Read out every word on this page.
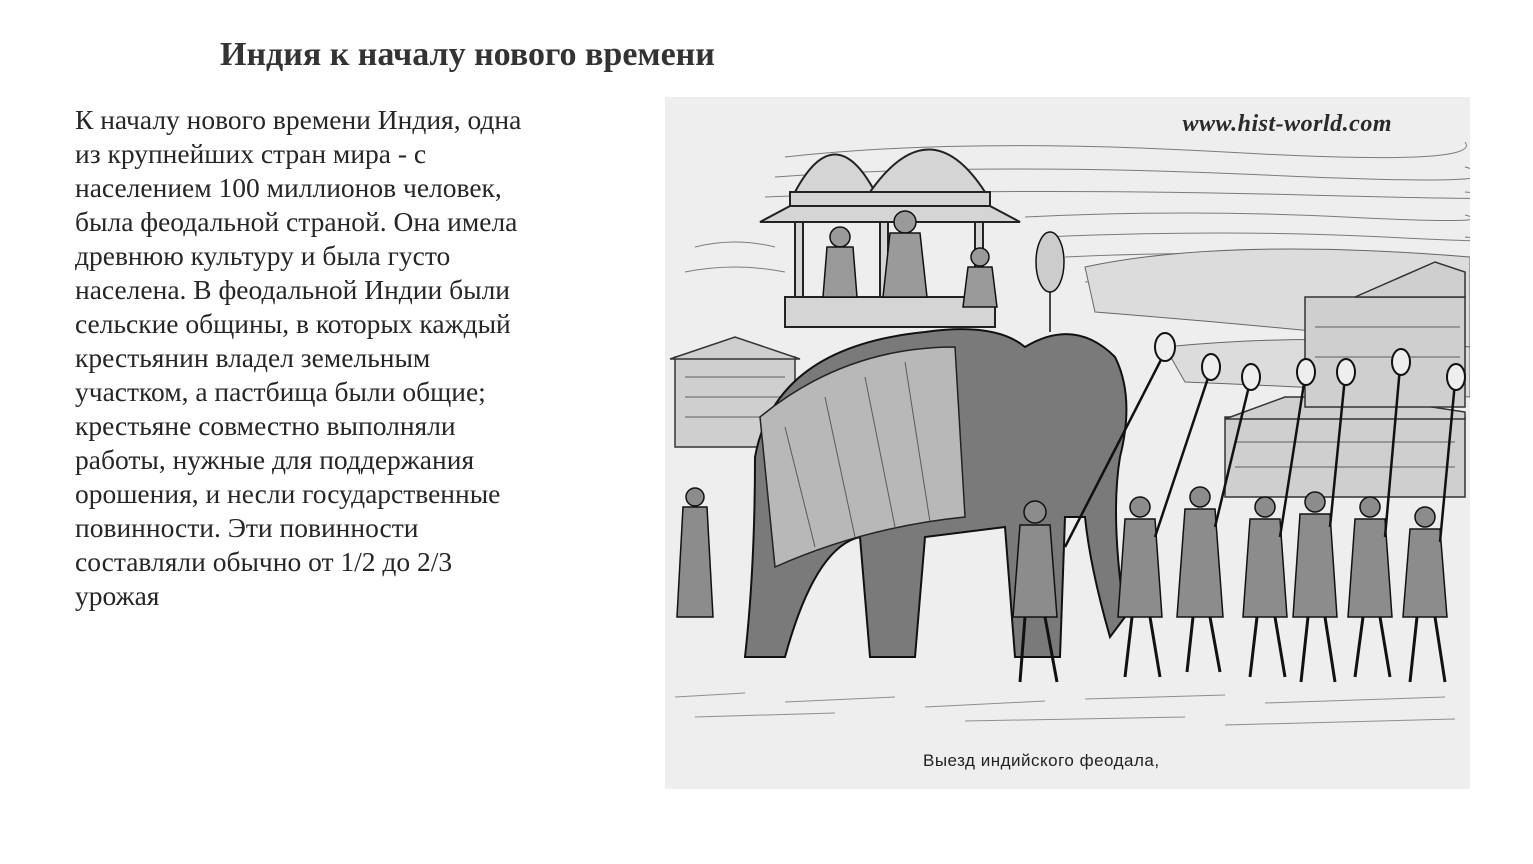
Индия к началу нового времени
К началу нового времени Индия, одна
из крупнейших стран мира - с
населением 100 миллионов человек,
была феодальной страной. Она имела
древнюю культуру и была густо
населена. В феодальной Индии были
сельские общины, в которых каждый
крестьянин владел земельным
участком, а пастбища были общие;
крестьяне совместно выполняли
работы, нужные для поддержания
орошения, и несли государственные
повинности. Эти повинности
составляли обычно от 1/2 до 2/3
урожая
www.hist-world.com
Выезд индийского феодала,
